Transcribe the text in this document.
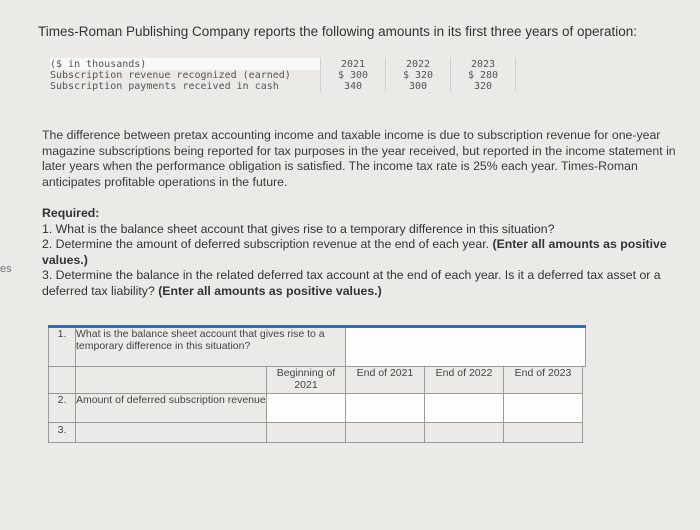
es
Times-Roman Publishing Company reports the following amounts in its first three years of operation:
($ in thousands)	2021	2022	2023
Subscription revenue recognized (earned)	$ 300	$ 320	$ 280
Subscription payments received in cash	340	300	320
The difference between pretax accounting income and taxable income is due to subscription revenue for one-year magazine subscriptions being reported for tax purposes in the year received, but reported in the income statement in later years when the performance obligation is satisfied. The income tax rate is 25% each year. Times-Roman anticipates profitable operations in the future.
Required:

1. What is the balance sheet account that gives rise to a temporary difference in this situation?

2. Determine the amount of deferred subscription revenue at the end of each year. (Enter all amounts as positive values.)

3. Determine the balance in the related deferred tax account at the end of each year. Is it a deferred tax asset or a deferred tax liability? (Enter all amounts as positive values.)

1.	What is the balance sheet account that gives rise to a temporary difference in this situation?	
		Beginning of 2021	End of 2021	End of 2022	End of 2023	
2.	Amount of deferred subscription revenue					
3.						
